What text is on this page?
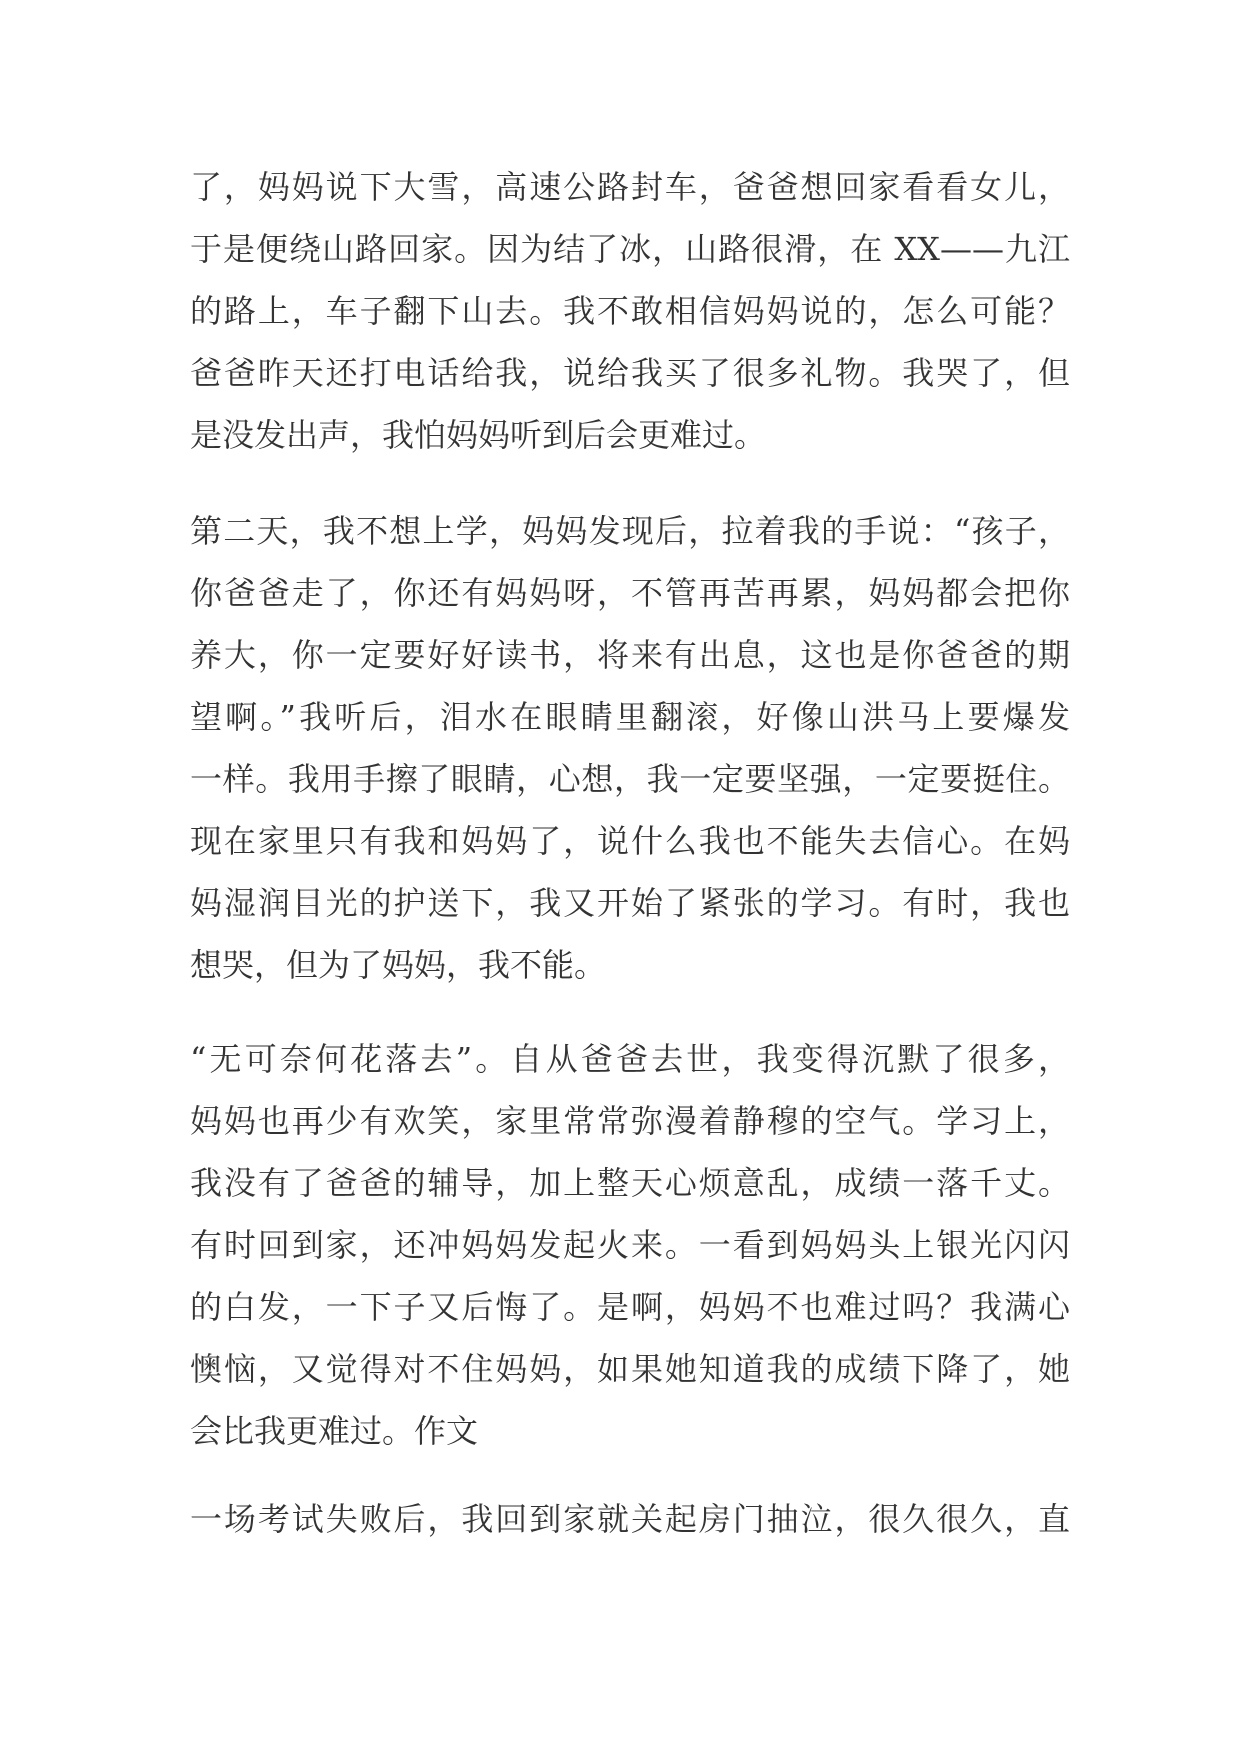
了，妈妈说下大雪，高速公路封车，爸爸想回家看看女儿，
于是便绕山路回家。因为结了冰，山路很滑，在 XX——九江
的路上，车子翻下山去。我不敢相信妈妈说的，怎么可能？
爸爸昨天还打电话给我，说给我买了很多礼物。我哭了，但
是没发出声，我怕妈妈听到后会更难过。
第二天，我不想上学，妈妈发现后，拉着我的手说：“孩子，
你爸爸走了，你还有妈妈呀，不管再苦再累，妈妈都会把你
养大，你一定要好好读书，将来有出息，这也是你爸爸的期
望啊。”我听后，泪水在眼睛里翻滚，好像山洪马上要爆发
一样。我用手擦了眼睛，心想，我一定要坚强，一定要挺住。
现在家里只有我和妈妈了，说什么我也不能失去信心。在妈
妈湿润目光的护送下，我又开始了紧张的学习。有时，我也
想哭，但为了妈妈，我不能。
“无可奈何花落去”。自从爸爸去世，我变得沉默了很多，
妈妈也再少有欢笑，家里常常弥漫着静穆的空气。学习上，
我没有了爸爸的辅导，加上整天心烦意乱，成绩一落千丈。
有时回到家，还冲妈妈发起火来。一看到妈妈头上银光闪闪
的白发，一下子又后悔了。是啊，妈妈不也难过吗？我满心
懊恼，又觉得对不住妈妈，如果她知道我的成绩下降了，她
会比我更难过。作文
一场考试失败后，我回到家就关起房门抽泣，很久很久，直
